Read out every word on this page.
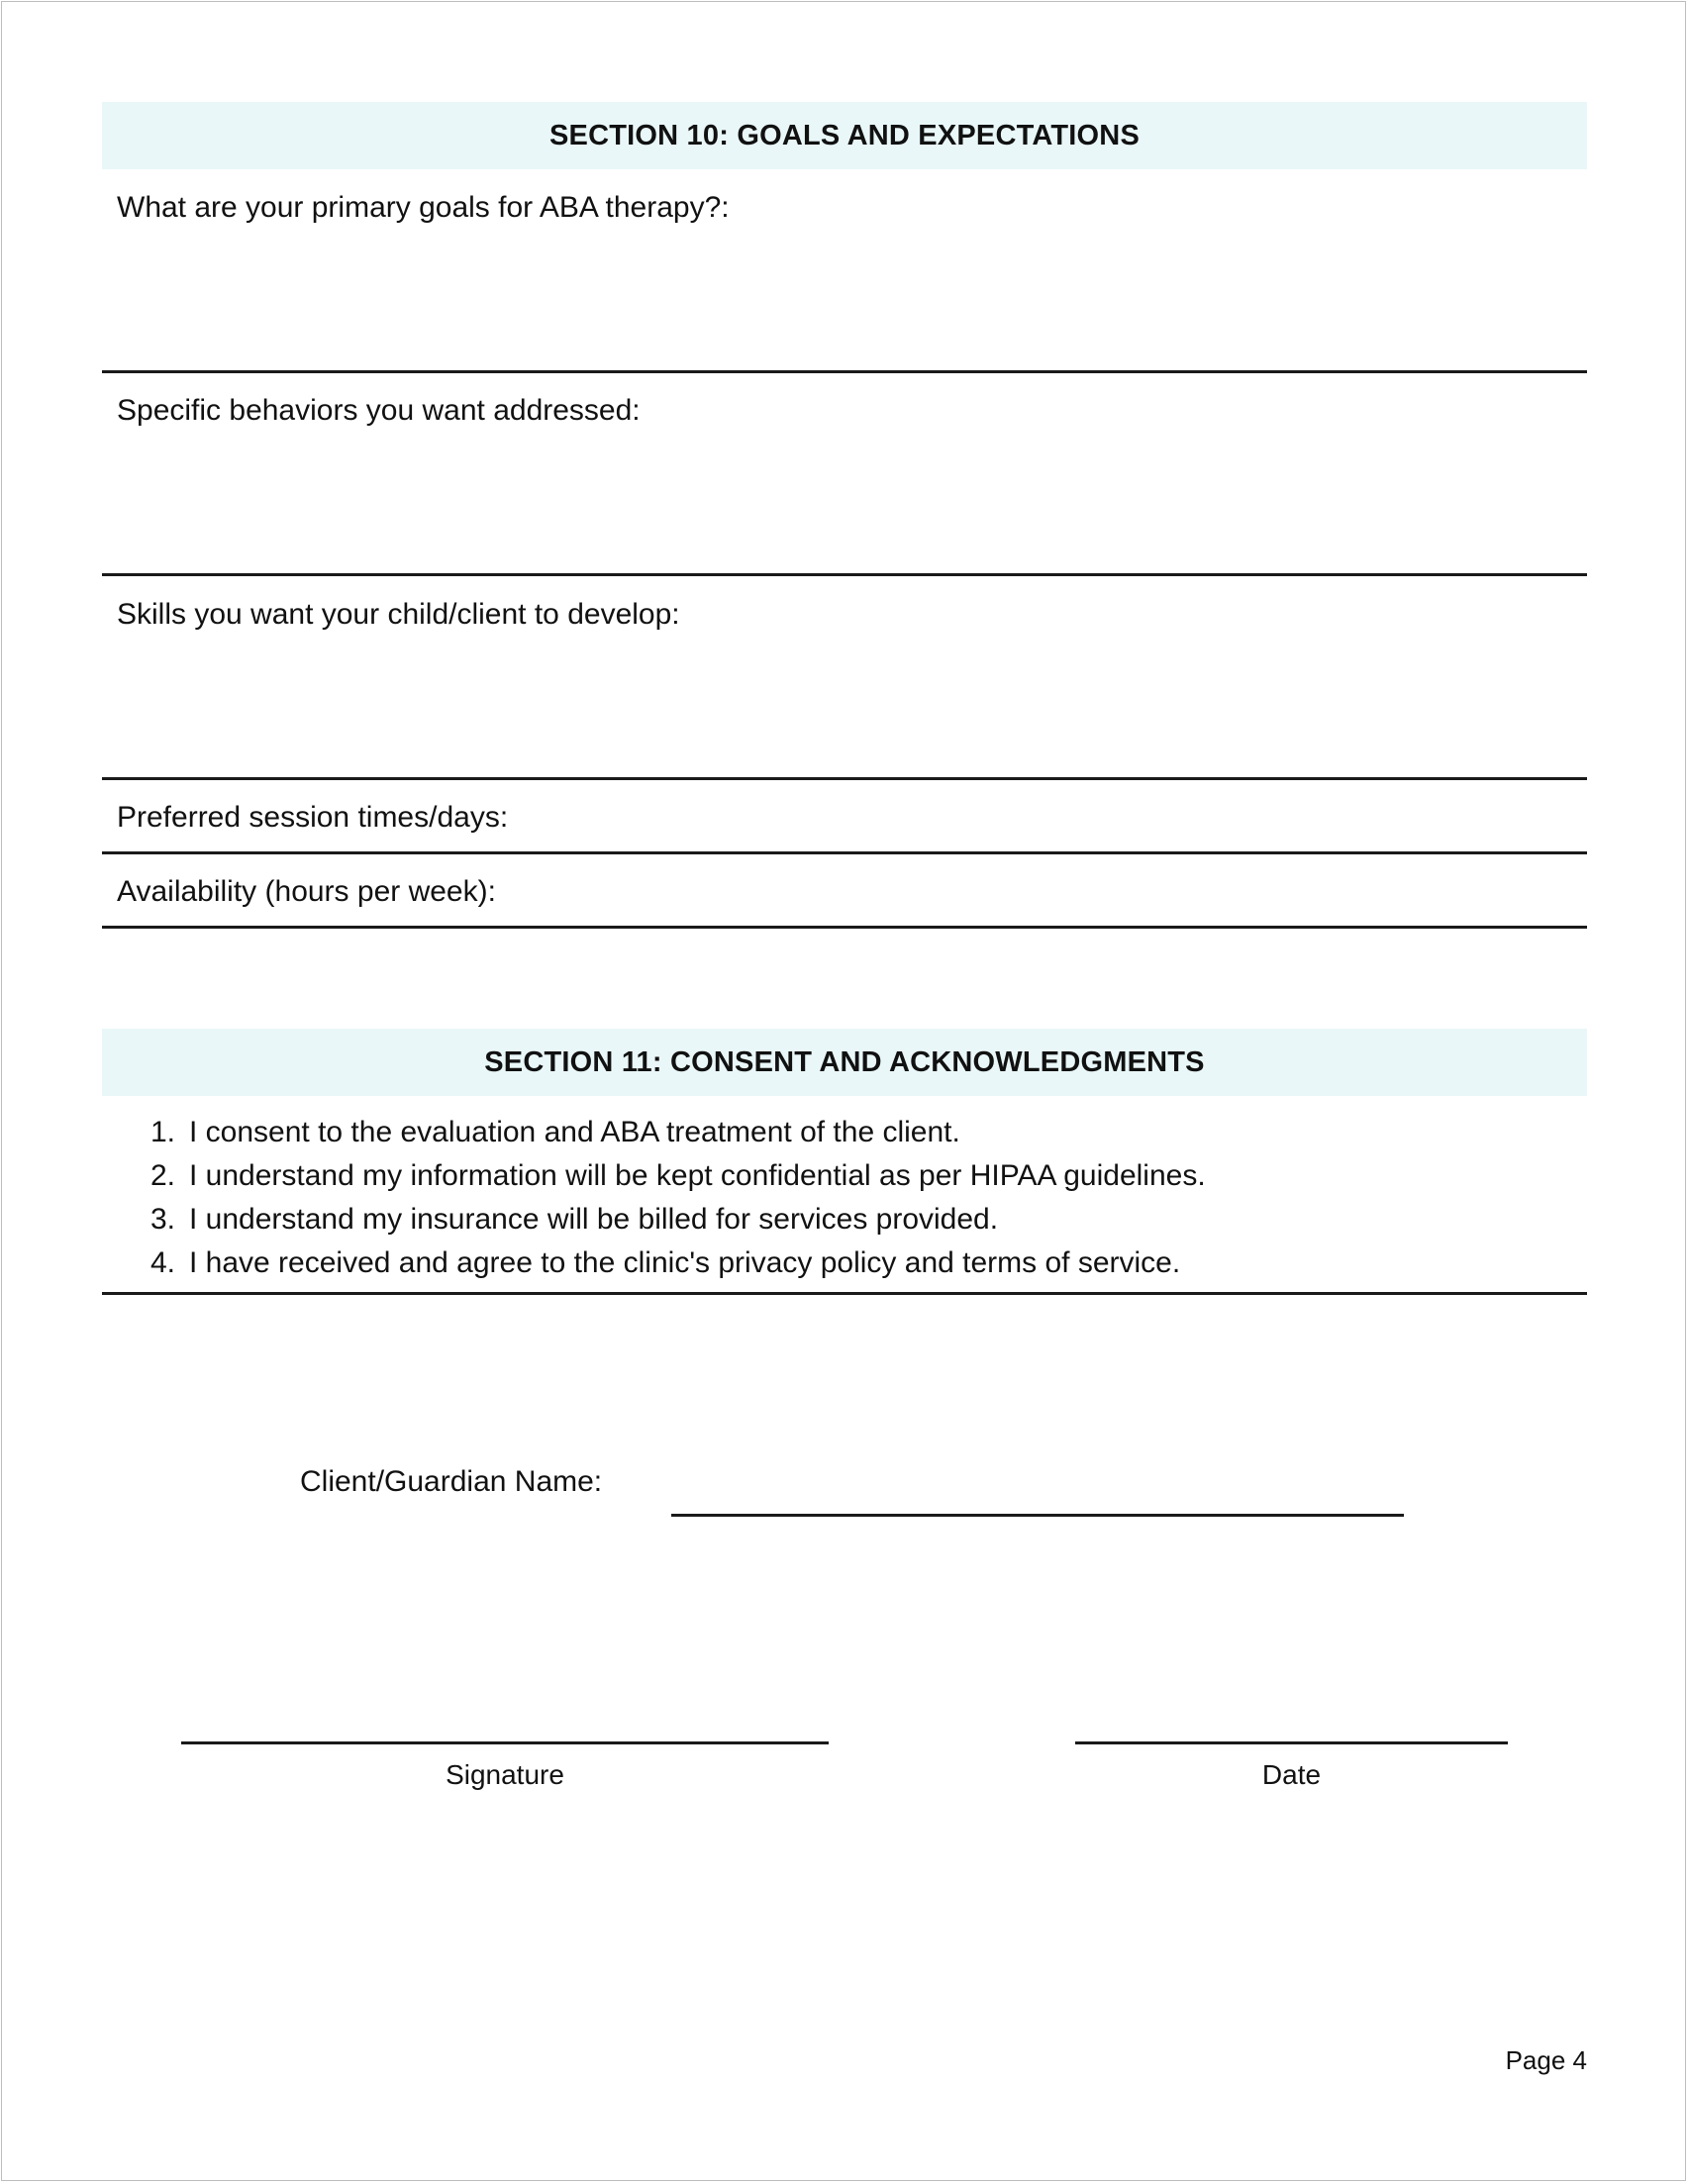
SECTION 10: GOALS AND EXPECTATIONS
What are your primary goals for ABA therapy?:
Specific behaviors you want addressed:
Skills you want your child/client to develop:
Preferred session times/days:
Availability (hours per week):
SECTION 11: CONSENT AND ACKNOWLEDGMENTS
1. I consent to the evaluation and ABA treatment of the client.
2. I understand my information will be kept confidential as per HIPAA guidelines.
3. I understand my insurance will be billed for services provided.
4. I have received and agree to the clinic's privacy policy and terms of service.
Client/Guardian Name:
Signature	Date
Page 4
